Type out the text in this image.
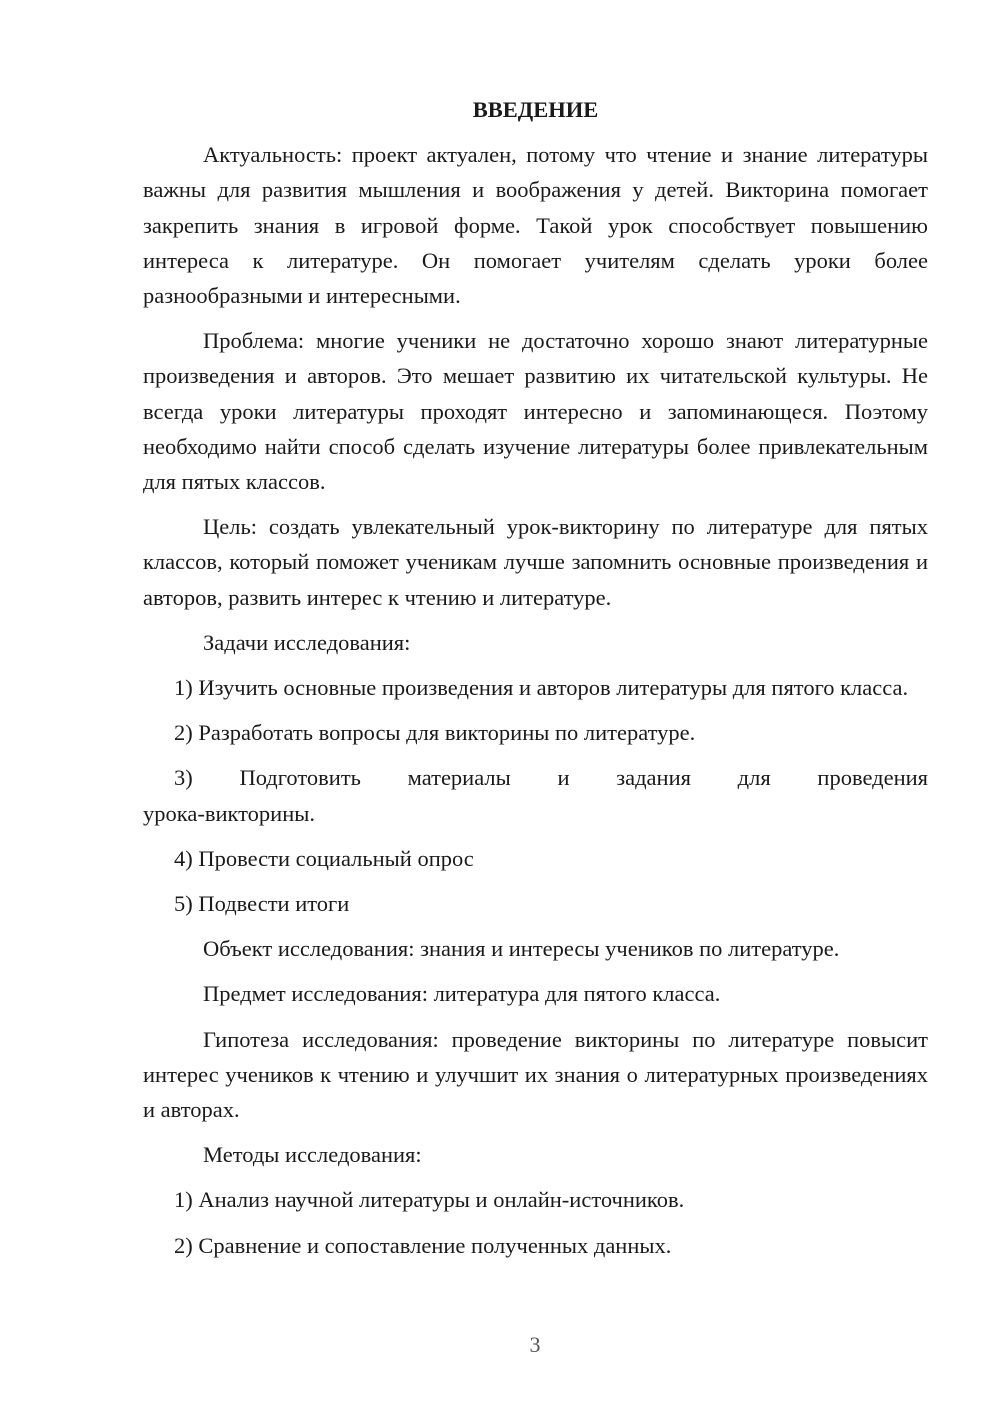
ВВЕДЕНИЕ

Актуальность: проект актуален, потому что чтение и знание литературы важны для развития мышления и воображения у детей. Викторина помогает закрепить знания в игровой форме. Такой урок способствует повышению интереса к литературе. Он помогает учителям сделать уроки более разнообразными и интересными.

Проблема: многие ученики не достаточно хорошо знают литературные произведения и авторов. Это мешает развитию их читательской культуры. Не всегда уроки литературы проходят интересно и запоминающеся. Поэтому необходимо найти способ сделать изучение литературы более привлекательным для пятых классов.

Цель: создать увлекательный урок-викторину по литературе для пятых классов, который поможет ученикам лучше запомнить основные произведения и авторов, развить интерес к чтению и литературе.

Задачи исследования:

1) Изучить основные произведения и авторов литературы для пятого класса.

2) Разработать вопросы для викторины по литературе.

3) Подготовить материалы и задания для проведения

урока-викторины.

4) Провести социальный опрос

5) Подвести итоги

Объект исследования: знания и интересы учеников по литературе.

Предмет исследования: литература для пятого класса.

Гипотеза исследования: проведение викторины по литературе повысит интерес учеников к чтению и улучшит их знания о литературных произведениях и авторах.

Методы исследования:

1) Анализ научной литературы и онлайн-источников.

2) Сравнение и сопоставление полученных данных.

3
